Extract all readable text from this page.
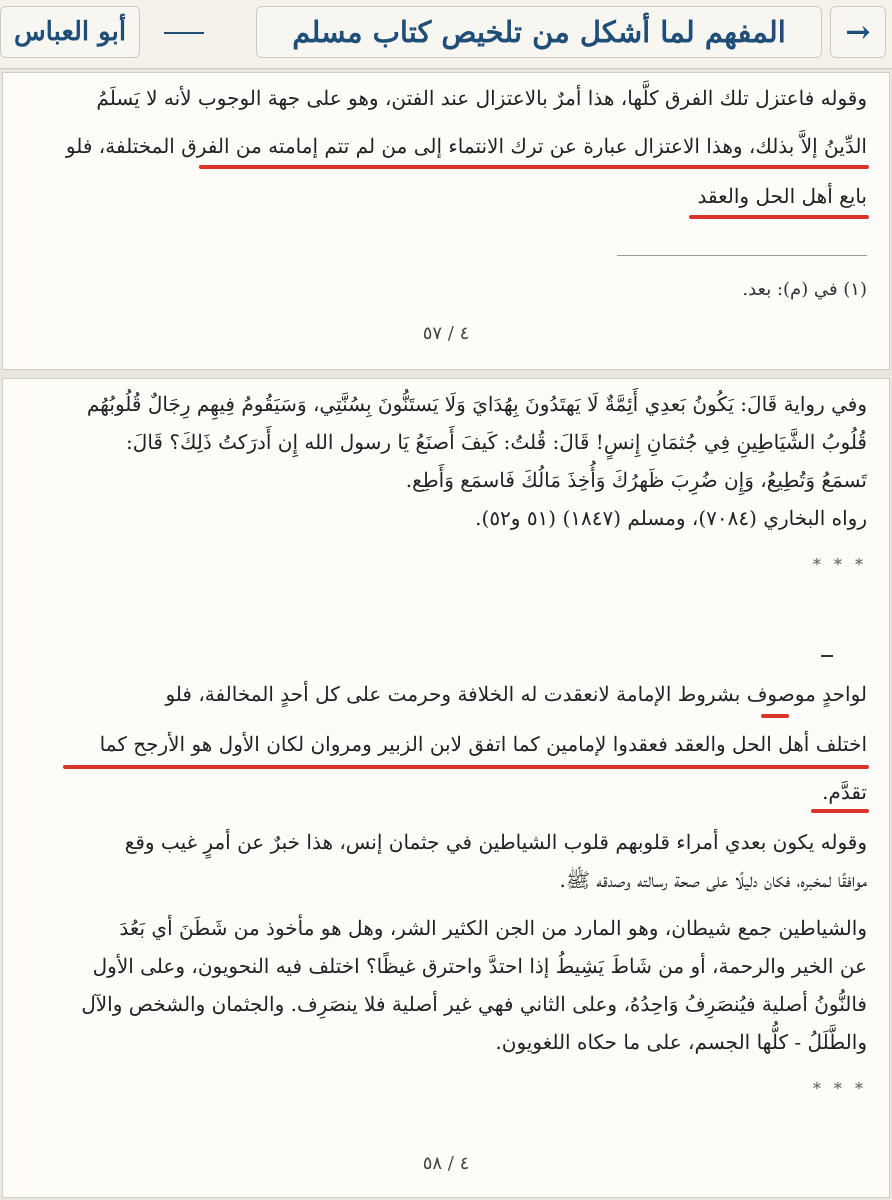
→
المفهم لما أشكل من تلخيص كتاب مسلم
أبو العباس
وقوله فاعتزل تلك الفرق كلَّها، هذا أمرٌ بالاعتزال عند الفتن، وهو على جهة الوجوب لأنه لا يَسلَمُ
الدِّينُ إلاَّ بذلك، وهذا الاعتزال عبارة عن ترك الانتماء إلى من لم تتم إمامته من الفرق المختلفة، فلو
بايع أهل الحل والعقد
(١) في (م): بعد.
٤ / ٥٧
وفي رواية قَالَ: يَكُونُ بَعدِي أَئِمَّةٌ لَا يَهتَدُونَ بِهُدَايَ وَلَا يَستَنُّونَ بِسُنَّتِي، وَسَيَقُومُ فِيهِم رِجَالٌ قُلُوبُهُم
قُلُوبُ الشَّيَاطِينِ فِي جُثمَانِ إِنسٍ! قَالَ: قُلتُ: كَيفَ أَصنَعُ يَا رسول الله إِن أَدرَكتُ ذَلِكَ؟ قَالَ:
تَسمَعُ وَتُطِيعُ، وَإِن ضُرِبَ ظَهرُكَ وَأُخِذَ مَالُكَ فَاسمَع وَأَطِع.
رواه البخاري (٧٠٨٤)، ومسلم (١٨٤٧) (٥١ و٥٢).
* * *
لواحدٍ موصوف بشروط الإمامة لانعقدت له الخلافة وحرمت على كل أحدٍ المخالفة، فلو
اختلف أهل الحل والعقد فعقدوا لإمامين كما اتفق لابن الزبير ومروان لكان الأول هو الأرجح كما
تقدَّم.
وقوله يكون بعدي أمراء قلوبهم قلوب الشياطين في جثمان إنس، هذا خبرٌ عن أمرٍ غيب وقع
موافقًا لمخبره، فكان دليلًا على صحة رسالته وصدقه ﷺ.
والشياطين جمع شيطان، وهو المارد من الجن الكثير الشر، وهل هو مأخوذ من شَطَنَ أي بَعُدَ
عن الخير والرحمة، أو من شَاطَ يَشِيطُ إذا احتدَّ واحترق غيظًا؟ اختلف فيه النحويون، وعلى الأول
فالنُّونُ أصلية فيُنصَرِفُ وَاحِدُهُ، وعلى الثاني فهي غير أصلية فلا ينصَرِف. والجثمان والشخص والآل
والطَّلَلُ - كلُّها الجسم، على ما حكاه اللغويون.
* * *
٤ / ٥٨
